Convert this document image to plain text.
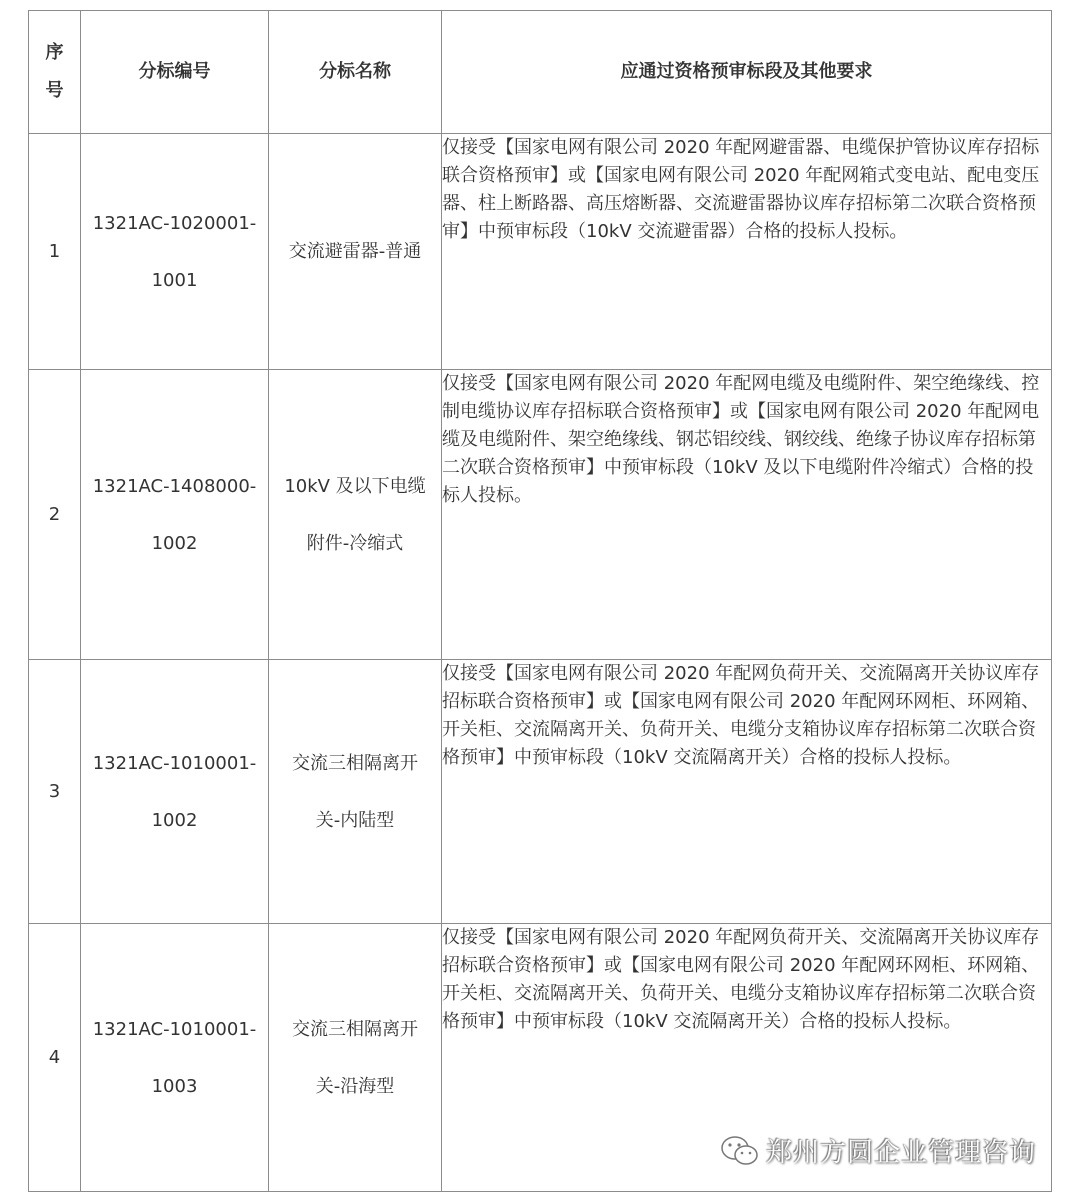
序号	分标编号	分标名称	应通过资格预审标段及其他要求
1	1321AC-1020001-1001	交流避雷器-普通	仅接受【国家电网有限公司 2020 年配网避雷器、电缆保护管协议库存招标联合资格预审】或【国家电网有限公司 2020 年配网箱式变电站、配电变压器、柱上断路器、高压熔断器、交流避雷器协议库存招标第二次联合资格预审】中预审标段（10kV 交流避雷器）合格的投标人投标。

2	1321AC-1408000-1002	10kV 及以下电缆附件-冷缩式	仅接受【国家电网有限公司 2020 年配网电缆及电缆附件、架空绝缘线、控制电缆协议库存招标联合资格预审】或【国家电网有限公司 2020 年配网电缆及电缆附件、架空绝缘线、钢芯铝绞线、钢绞线、绝缘子协议库存招标第二次联合资格预审】中预审标段（10kV 及以下电缆附件冷缩式）合格的投标人投标。

3	1321AC-1010001-1002	交流三相隔离开关-内陆型	仅接受【国家电网有限公司 2020 年配网负荷开关、交流隔离开关协议库存招标联合资格预审】或【国家电网有限公司 2020 年配网环网柜、环网箱、开关柜、交流隔离开关、负荷开关、电缆分支箱协议库存招标第二次联合资格预审】中预审标段（10kV 交流隔离开关）合格的投标人投标。

4	1321AC-1010001-1003	交流三相隔离开关-沿海型	仅接受【国家电网有限公司 2020 年配网负荷开关、交流隔离开关协议库存招标联合资格预审】或【国家电网有限公司 2020 年配网环网柜、环网箱、开关柜、交流隔离开关、负荷开关、电缆分支箱协议库存招标第二次联合资格预审】中预审标段（10kV 交流隔离开关）合格的投标人投标。

郑州方圆企业管理咨询
